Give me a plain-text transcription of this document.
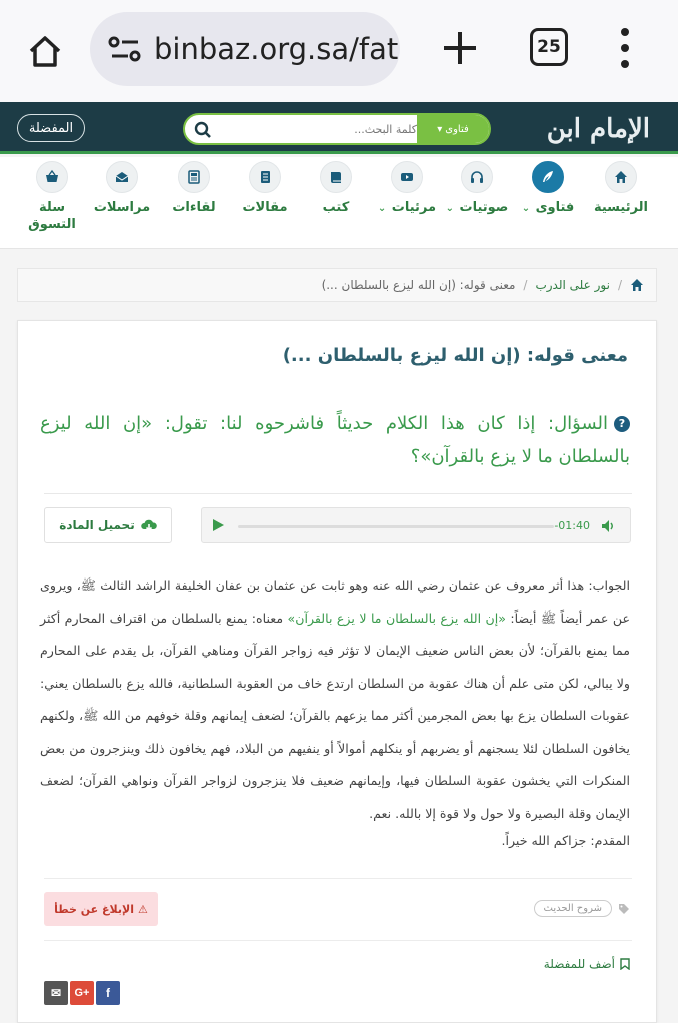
binbaz.org.sa/fat	25
المفضلة
كلمة البحث...	▾ فتاوى	الإمام ابن
الرئيسية
فتاوى ⌄
صوتيات ⌄
مرئيات ⌄
كتب
مقالات
لقاءات
مراسلات
سلة التسوق
/
نور على الدرب
/
معنى قوله: (إن الله ليزع بالسلطان ...)
معنى قوله: (إن الله ليزع بالسلطان ...)
?السؤال: إذا كان هذا الكلام حديثاً فاشرحوه لنا: تقول: «إن الله ليزع بالسلطان ما لا يزع بالقرآن»؟
-01:40
تحميل المادة
الجواب: هذا أثر معروف عن عثمان رضي الله عنه وهو ثابت عن عثمان بن عفان الخليفة الراشد الثالث ﷺ، ويروى عن عمر أيضاً ﷺ أيضاً: «إن الله يزع بالسلطان ما لا يزع بالقرآن» معناه: يمنع بالسلطان من اقتراف المحارم أكثر مما يمنع بالقرآن؛ لأن بعض الناس ضعيف الإيمان لا تؤثر فيه زواجر القرآن ومناهي القرآن، بل يقدم على المحارم ولا يبالي، لكن متى علم أن هناك عقوبة من السلطان ارتدع خاف من العقوبة السلطانية، فالله يزع بالسلطان يعني: عقوبات السلطان يزع بها بعض المجرمين أكثر مما يزعهم بالقرآن؛ لضعف إيمانهم وقلة خوفهم من الله ﷺ، ولكنهم يخافون السلطان لئلا يسجنهم أو يضربهم أو ينكلهم أموالاً أو ينفيهم من البلاد، فهم يخافون ذلك وينزجرون من بعض المنكرات التي يخشون عقوبة السلطان فيها، وإيمانهم ضعيف فلا ينزجرون لزواجر القرآن ونواهي القرآن؛ لضعف الإيمان وقلة البصيرة ولا حول ولا قوة إلا بالله. نعم.
المقدم: جزاكم الله خيراً.
⚠
الإبلاغ عن خطأ	شروح الحديث
أضف للمفضلة
✉	G+	f
